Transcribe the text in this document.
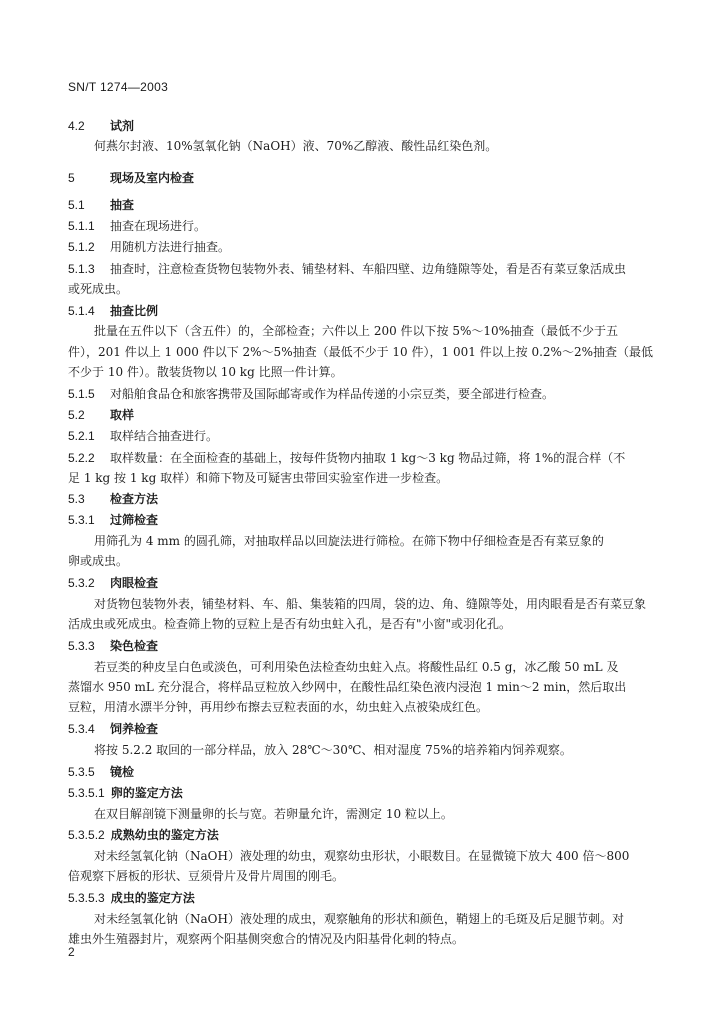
SN/T 1274—2003
4.2 试剂
何燕尔封液、10%氢氧化钠（NaOH）液、70%乙醇液、酸性品红染色剂。
5	现场及室内检查
5.1 抽查
5.1.1 抽查在现场进行。
5.1.2 用随机方法进行抽查。
5.1.3 抽查时，注意检查货物包装物外表、铺垫材料、车船四壁、边角缝隙等处，看是否有菜豆象活成虫
或死成虫。
5.1.4 抽查比例
批量在五件以下（含五件）的，全部检查；六件以上 200 件以下按 5%～10%抽查（最低不少于五
件），201 件以上 1 000 件以下 2%～5%抽查（最低不少于 10 件），1 001 件以上按 0.2%～2%抽查（最低
不少于 10 件）。散装货物以 10 kg 比照一件计算。
5.1.5 对船舶食品仓和旅客携带及国际邮寄或作为样品传递的小宗豆类，要全部进行检查。
5.2 取样
5.2.1 取样结合抽查进行。
5.2.2 取样数量：在全面检查的基础上，按每件货物内抽取 1 kg～3 kg 物品过筛，将 1%的混合样（不
足 1 kg 按 1 kg 取样）和筛下物及可疑害虫带回实验室作进一步检查。
5.3 检查方法
5.3.1 过筛检查
用筛孔为 4 mm 的圆孔筛，对抽取样品以回旋法进行筛检。在筛下物中仔细检查是否有菜豆象的
卵或成虫。
5.3.2 肉眼检查
对货物包装物外表，铺垫材料、车、船、集装箱的四周，袋的边、角、缝隙等处，用肉眼看是否有菜豆象
活成虫或死成虫。检查筛上物的豆粒上是否有幼虫蛀入孔，是否有"小窗"或羽化孔。
5.3.3 染色检查
若豆类的种皮呈白色或淡色，可利用染色法检查幼虫蛀入点。将酸性品红 0.5 g，冰乙酸 50 mL 及
蒸馏水 950 mL 充分混合，将样品豆粒放入纱网中，在酸性品红染色液内浸泡 1 min～2 min，然后取出
豆粒，用清水漂半分钟，再用纱布擦去豆粒表面的水，幼虫蛀入点被染成红色。
5.3.4 饲养检查
将按 5.2.2 取回的一部分样品，放入 28℃～30℃、相对湿度 75%的培养箱内饲养观察。
5.3.5 镜检
5.3.5.1 卵的鉴定方法
在双目解剖镜下测量卵的长与宽。若卵量允许，需测定 10 粒以上。
5.3.5.2 成熟幼虫的鉴定方法
对未经氢氧化钠（NaOH）液处理的幼虫，观察幼虫形状，小眼数目。在显微镜下放大 400 倍～800
倍观察下唇板的形状、豆须骨片及骨片周围的刚毛。
5.3.5.3 成虫的鉴定方法
对未经氢氧化钠（NaOH）液处理的成虫，观察触角的形状和颜色，鞘翅上的毛斑及后足腿节刺。对
雄虫外生殖器封片，观察两个阳基侧突愈合的情况及内阳基骨化刺的特点。
2
